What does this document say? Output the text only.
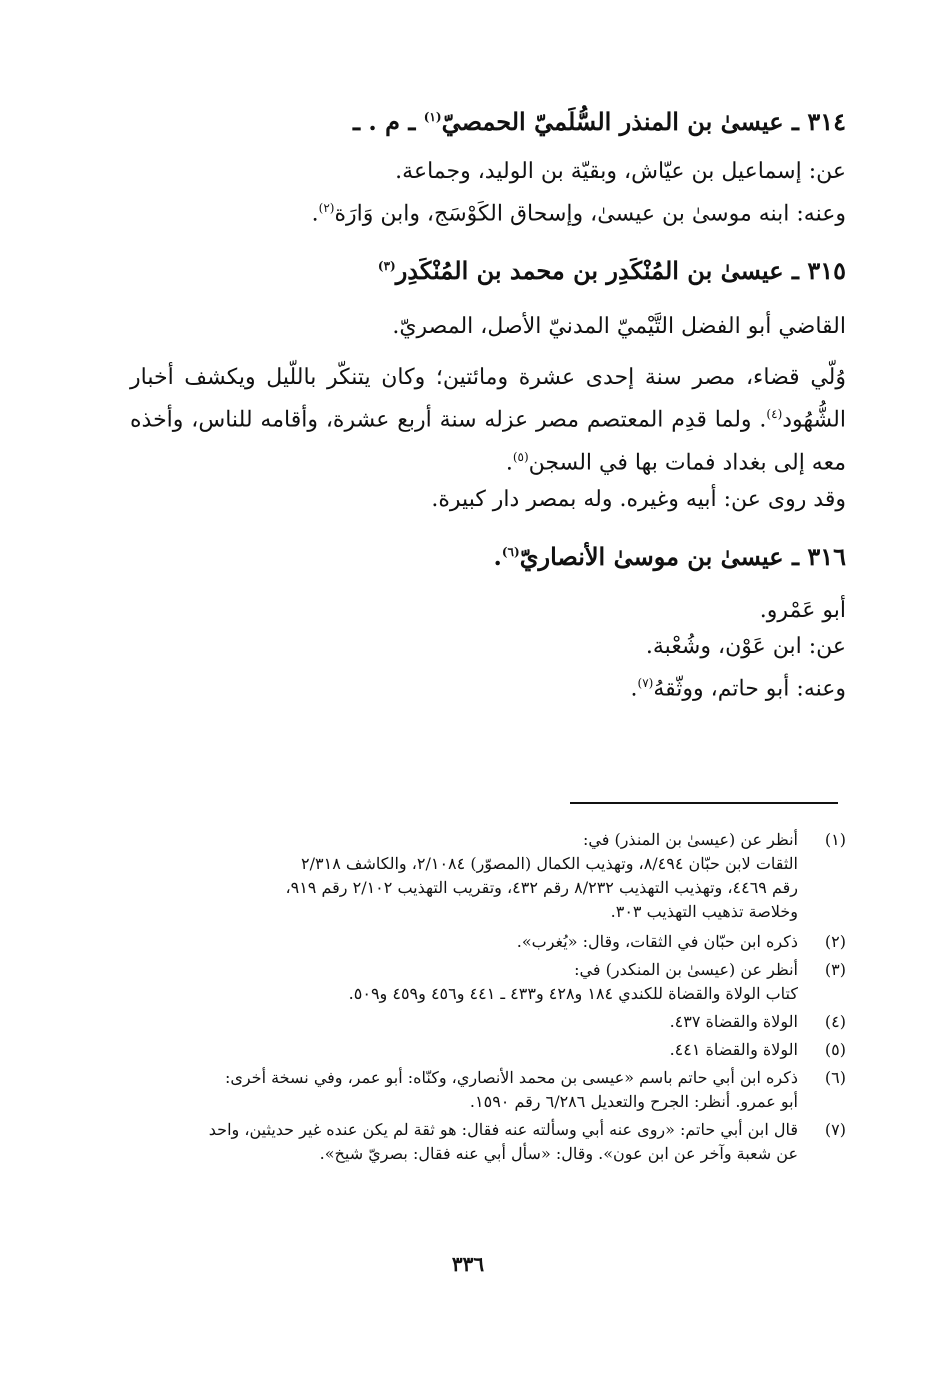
٣١٤ ـ عيسىٰ بن المنذر السُّلَميّ الحمصيّ$^{(١)}$ ـ م . ـ
عن: إسماعيل بن عيّاش، وبقيّة بن الوليد، وجماعة.
وعنه: ابنه موسىٰ بن عيسىٰ، وإسحاق الكَوْسَج، وابن وَارَة$^{(٢)}$.
٣١٥ ـ عيسىٰ بن المُنْكَدِر بن محمد بن المُنْكَدِر$^{(٣)}$
القاضي أبو الفضل التَّيْميّ المدنيّ الأصل، المصريّ.
وُلّي قضاء، مصر سنة إحدى عشرة ومائتين؛ وكان يتنكّر باللّيل ويكشف أخبار الشُّهُود$^{(٤)}$. ولما قدِم المعتصم مصر عزله سنة أربع عشرة، وأقامه للناس، وأخذه معه إلى بغداد فمات بها في السجن$^{(٥)}$.
وقد روى عن: أبيه وغيره. وله بمصر دار كبيرة.
٣١٦ ـ عيسىٰ بن موسىٰ الأنصاريّ$^{(٦)}$.
أبو عَمْرو.
عن: ابن عَوْن، وشُعْبة.
وعنه: أبو حاتم، ووثّقهُ$^{(٧)}$.
(١)
أنظر عن (عيسىٰ بن المنذر) في:
الثقات لابن حبّان ٨/٤٩٤، وتهذيب الكمال (المصوّر) ٢/١٠٨٤، والكاشف ٢/٣١٨
رقم ٤٤٦٩، وتهذيب التهذيب ٨/٢٣٢ رقم ٤٣٢، وتقريب التهذيب ٢/١٠٢ رقم ٩١٩،
وخلاصة تذهيب التهذيب ٣٠٣.
(٢)
ذكره ابن حبّان في الثقات، وقال: «يُغرب».
(٣)
أنظر عن (عيسىٰ بن المنكدر) في:
كتاب الولاة والقضاة للكندي ١٨٤ و٤٢٨ و٤٣٣ ـ ٤٤١ و٤٥٦ و٤٥٩ و٥٠٩.
(٤)
الولاة والقضاة ٤٣٧.
(٥)
الولاة والقضاة ٤٤١.
(٦)
ذكره ابن أبي حاتم باسم «عيسى بن محمد الأنصاري، وكنّاه: أبو عمر، وفي نسخة أخرى:
أبو عمرو. أنظر: الجرح والتعديل ٦/٢٨٦ رقم ١٥٩٠.
(٧)
قال ابن أبي حاتم: «روى عنه أبي وسألته عنه فقال: هو ثقة لم يكن عنده غير حديثين، واحد
عن شعبة وآخر عن ابن عون». وقال: «سأل أبي عنه فقال: بصريّ شيخ».
٣٣٦
